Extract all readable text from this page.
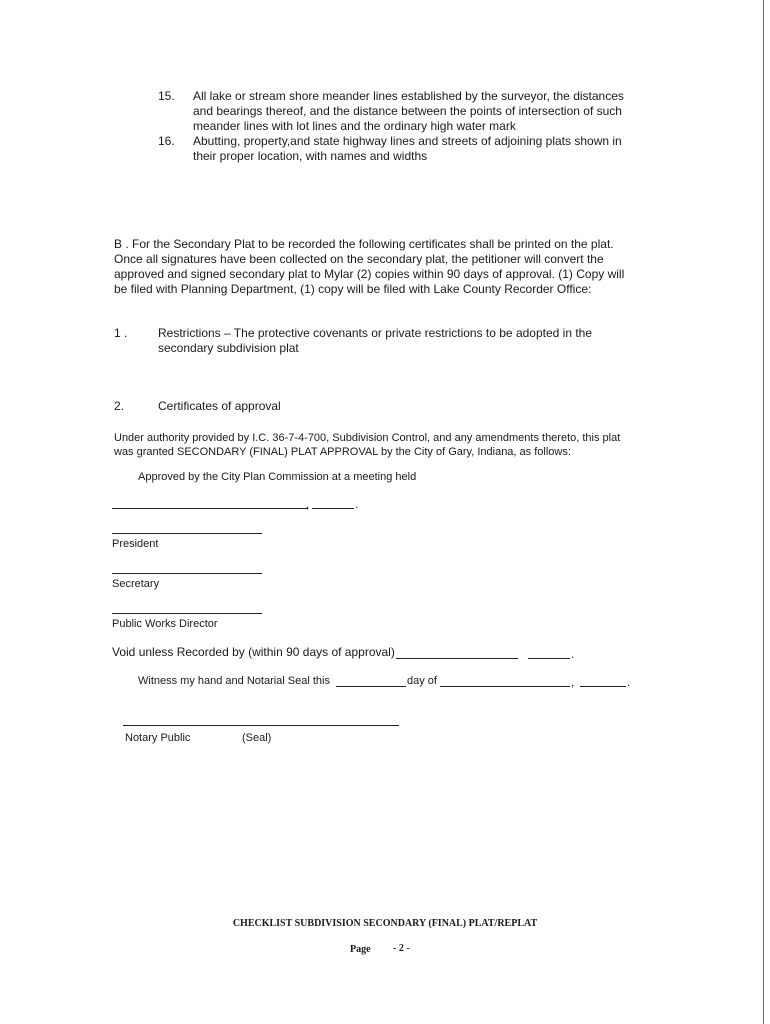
15. All lake or stream shore meander lines established by the surveyor, the distances
and bearings thereof, and the distance between the points of intersection of such
meander lines with lot lines and the ordinary high water mark
16. Abutting, property,and state highway lines and streets of adjoining plats shown in
their proper location, with names and widths
B . For the Secondary Plat to be recorded the following certificates shall be printed on the plat.
Once all signatures have been collected on the secondary plat, the petitioner will convert the
approved and signed secondary plat to Mylar (2) copies within 90 days of approval. (1) Copy will
be filed with Planning Department, (1) copy will be filed with Lake County Recorder Office:
1 .	Restrictions – The protective covenants or private restrictions to be adopted in the
secondary subdivision plat
2.	Certificates of approval
Under authority provided by I.C. 36-7-4-700, Subdivision Control, and any amendments thereto, this plat
was granted SECONDARY (FINAL) PLAT APPROVAL by the City of Gary, Indiana, as follows:
Approved by the City Plan Commission at a meeting held
,	.
President
Secretary
Public Works Director
Void unless Recorded by (within 90 days of approval)	.
Witness my hand and Notarial Seal this	day of	,	.
Notary Public	(Seal)
CHECKLIST SUBDIVISION SECONDARY (FINAL) PLAT/REPLAT
Page - 2 -
